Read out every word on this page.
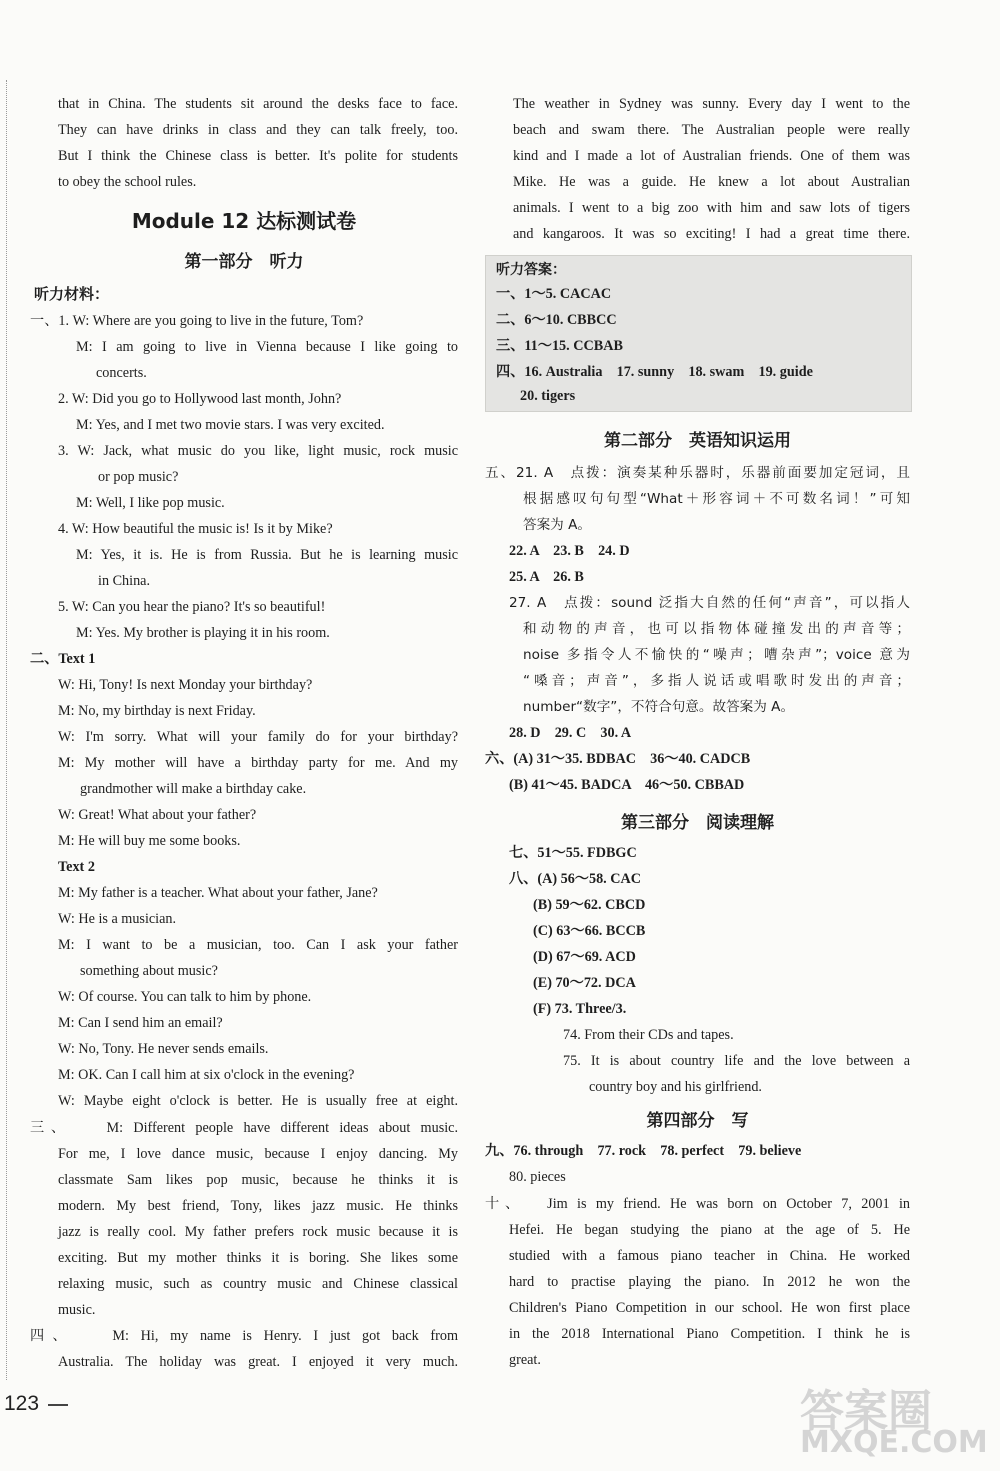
that in China. The students sit around the desks face to face.
They can have drinks in class and they can talk freely, too.
But I think the Chinese class is better. It's polite for students
to obey the school rules.
Module 12 达标测试卷
第一部分　听力
听力材料：
一、1. W: Where are you going to live in the future, Tom?
M: I am going to live in Vienna because I like going to
concerts.
2. W: Did you go to Hollywood last month, John?
M: Yes, and I met two movie stars. I was very excited.
3. W: Jack, what music do you like, light music, rock music
or pop music?
M: Well, I like pop music.
4. W: How beautiful the music is! Is it by Mike?
M: Yes, it is. He is from Russia. But he is learning music
in China.
5. W: Can you hear the piano? It's so beautiful!
M: Yes. My brother is playing it in his room.
二、Text 1
W: Hi, Tony! Is next Monday your birthday?
M: No, my birthday is next Friday.
W: I'm sorry. What will your family do for your birthday?
M: My mother will have a birthday party for me. And my
grandmother will make a birthday cake.
W: Great! What about your father?
M: He will buy me some books.
Text 2
M: My father is a teacher. What about your father, Jane?
W: He is a musician.
M: I want to be a musician, too. Can I ask your father
something about music?
W: Of course. You can talk to him by phone.
M: Can I send him an email?
W: No, Tony. He never sends emails.
M: OK. Can I call him at six o'clock in the evening?
W: Maybe eight o'clock is better. He is usually free at eight.
三、　　M: Different people have different ideas about music.
For me, I love dance music, because I enjoy dancing. My
classmate Sam likes pop music, because he thinks it is
modern. My best friend, Tony, likes jazz music. He thinks
jazz is really cool. My father prefers rock music because it is
exciting. But my mother thinks it is boring. She likes some
relaxing music, such as country music and Chinese classical
music.
四、　　M: Hi, my name is Henry. I just got back from
Australia. The holiday was great. I enjoyed it very much.
The weather in Sydney was sunny. Every day I went to the
beach and swam there. The Australian people were really
kind and I made a lot of Australian friends. One of them was
Mike. He was a guide. He knew a lot about Australian
animals. I went to a big zoo with him and saw lots of tigers
and kangaroos. It was so exciting! I had a great time there.
听力答案：
一、1～5. CACAC
二、6～10. CBBCC
三、11～15. CCBAB
四、16. Australia　17. sunny　18. swam　19. guide
20. tigers
第二部分　英语知识运用
五、21. A　点拨：演奏某种乐器时，乐器前面要加定冠词，且
根据感叹句句型“What＋形容词＋不可数名词！”可知
答案为 A。
22. A　23. B　24. D
25. A　26. B
27. A　点拨：sound 泛指大自然的任何“声音”，可以指人
和动物的声音，也可以指物体碰撞发出的声音等；
noise 多指令人不愉快的“噪声；嘈杂声”；voice 意为
“嗓音；声音”，多指人说话或唱歌时发出的声音；
number“数字”，不符合句意。故答案为 A。
28. D　29. C　30. A
六、(A) 31～35. BDBAC　36～40. CADCB
(B) 41～45. BADCA　46～50. CBBAD
第三部分　阅读理解
七、51～55. FDBGC
八、(A) 56～58. CAC
(B) 59～62. CBCD
(C) 63～66. BCCB
(D) 67～69. ACD
(E) 70～72. DCA
(F) 73. Three/3.
74. From their CDs and tapes.
75. It is about country life and the love between a
country boy and his girlfriend.
第四部分　写
九、76. through　77. rock　78. perfect　79. believe
80. pieces
十、　 Jim is my friend. He was born on October 7, 2001 in
Hefei. He began studying the piano at the age of 5. He
studied with a famous piano teacher in China. He worked
hard to practise playing the piano. In 2012 he won the
Children's Piano Competition in our school. He won first place
in the 2018 International Piano Competition. I think he is
great.
123	答案圈
MXQE.COM
